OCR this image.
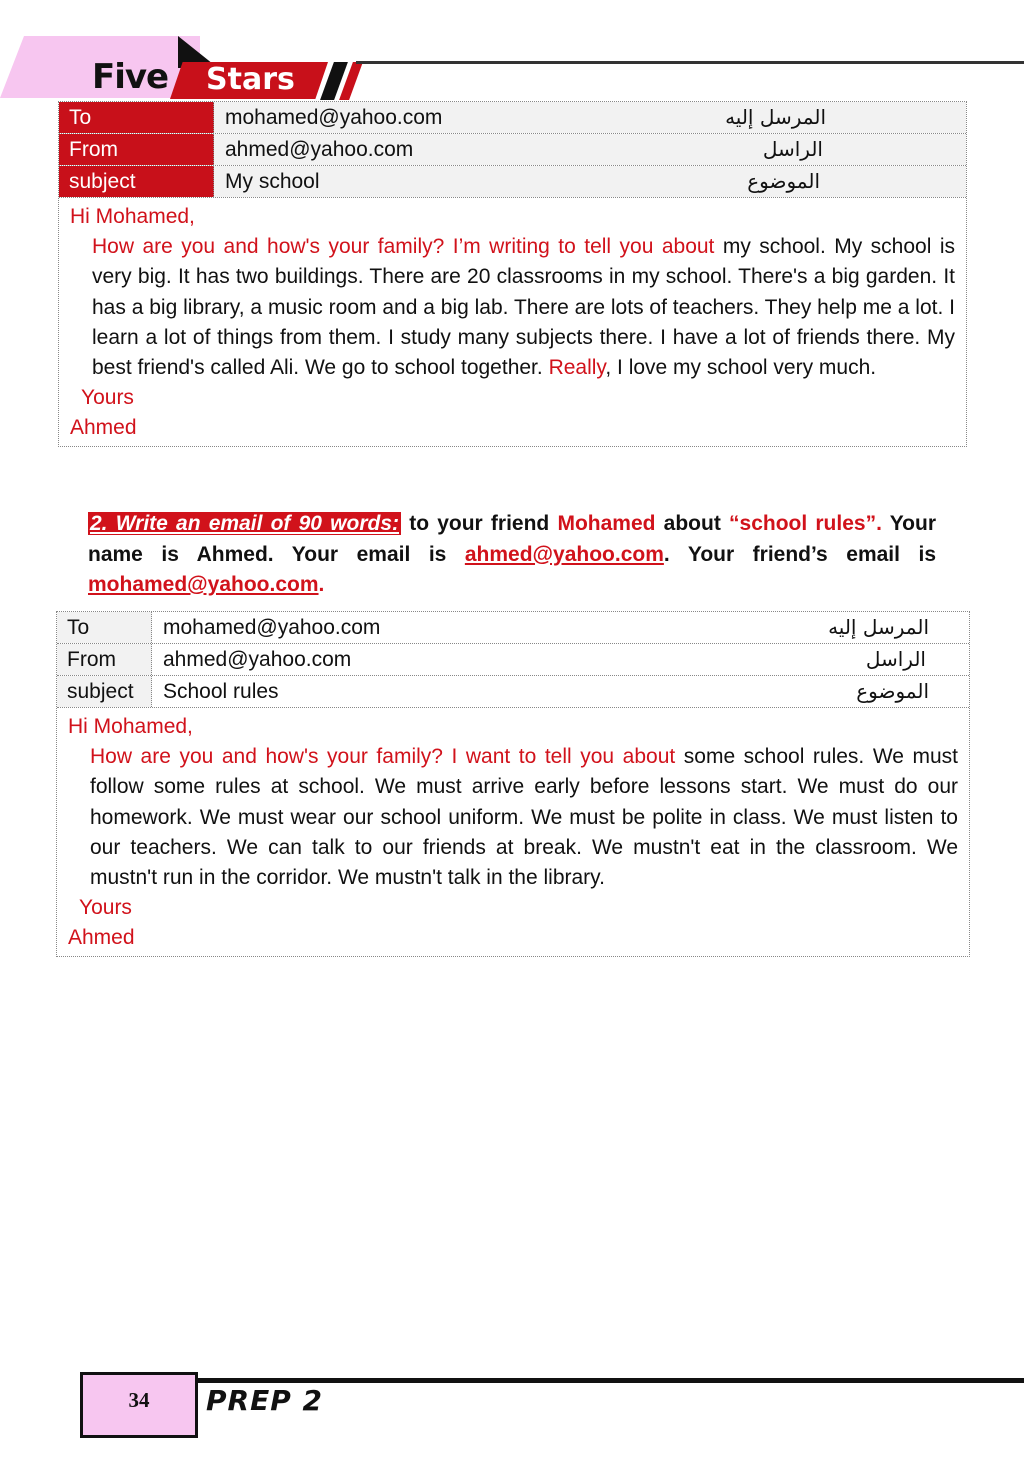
Five Stars
To	mohamed@yahoo.com	المرسل إليه
From	ahmed@yahoo.com	الراسل
subject	My school	الموضوع

Hi Mohamed,

How are you and how's your family? I’m writing to tell you about my school. My school is very big. It has two buildings. There are 20 classrooms in my school. There's a big garden. It has a big library, a music room and a big lab. There are lots of teachers. They help me a lot. I learn a lot of things from them. I study many subjects there. I have a lot of friends there. My best friend's called Ali. We go to school together. Really, I love my school very much.

Yours

Ahmed

2. Write an email of 90 words: to your friend Mohamed about “school rules”. Your name is Ahmed. Your email is ahmed@yahoo.com. Your friend’s email is mohamed@yahoo.com.
To	mohamed@yahoo.com	المرسل إليه
From	ahmed@yahoo.com	الراسل
subject	School rules	الموضوع

Hi Mohamed,

How are you and how's your family? I want to tell you about some school rules. We must follow some rules at school. We must arrive early before lessons start. We must do our homework. We must wear our school uniform. We must be polite in class. We must listen to our teachers. We can talk to our friends at break. We mustn't eat in the classroom. We mustn't run in the corridor. We mustn't talk in the library.

Yours

Ahmed

34	PREP 2
